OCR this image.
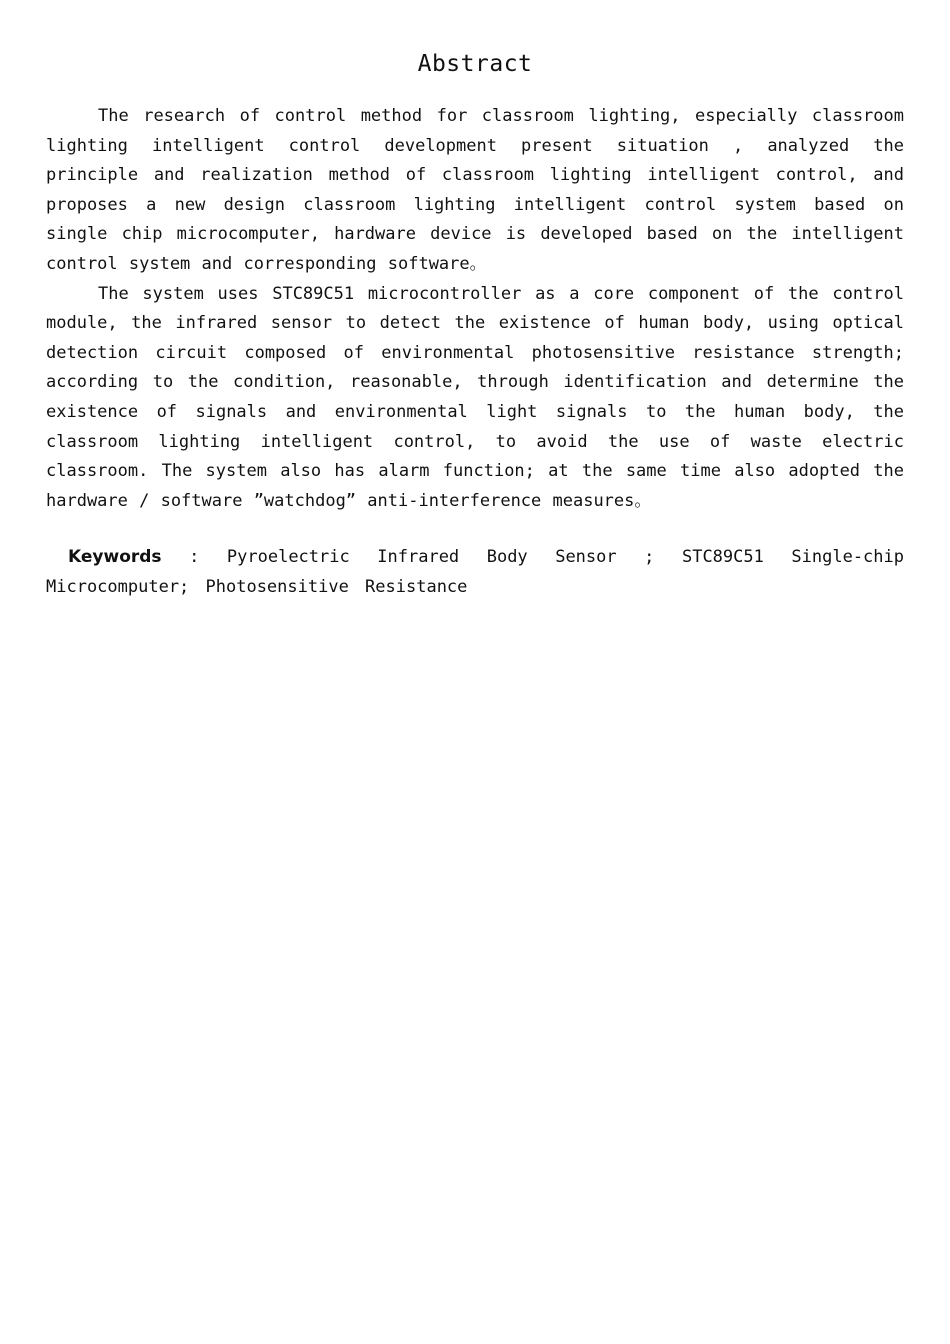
Abstract

The research of control method for classroom lighting, especially classroom lighting intelligent control development present situation , analyzed the principle and realization method of classroom lighting intelligent control, and proposes a new design classroom lighting intelligent control system based on single chip microcomputer, hardware device is developed based on the intelligent control system and corresponding software。

The system uses STC89C51 microcontroller as a core component of the control module, the infrared sensor to detect the existence of human body, using optical detection circuit composed of environmental photosensitive resistance strength; according to the condition, reasonable, through identification and determine the existence of signals and environmental light signals to the human body, the classroom lighting intelligent control, to avoid the use of waste electric classroom. The system also has alarm function; at the same time also adopted the hardware / software ”watchdog” anti-interference measures。

Keywords : Pyroelectric Infrared Body Sensor ; STC89C51 Single-chip Microcomputer; Photosensitive Resistance
